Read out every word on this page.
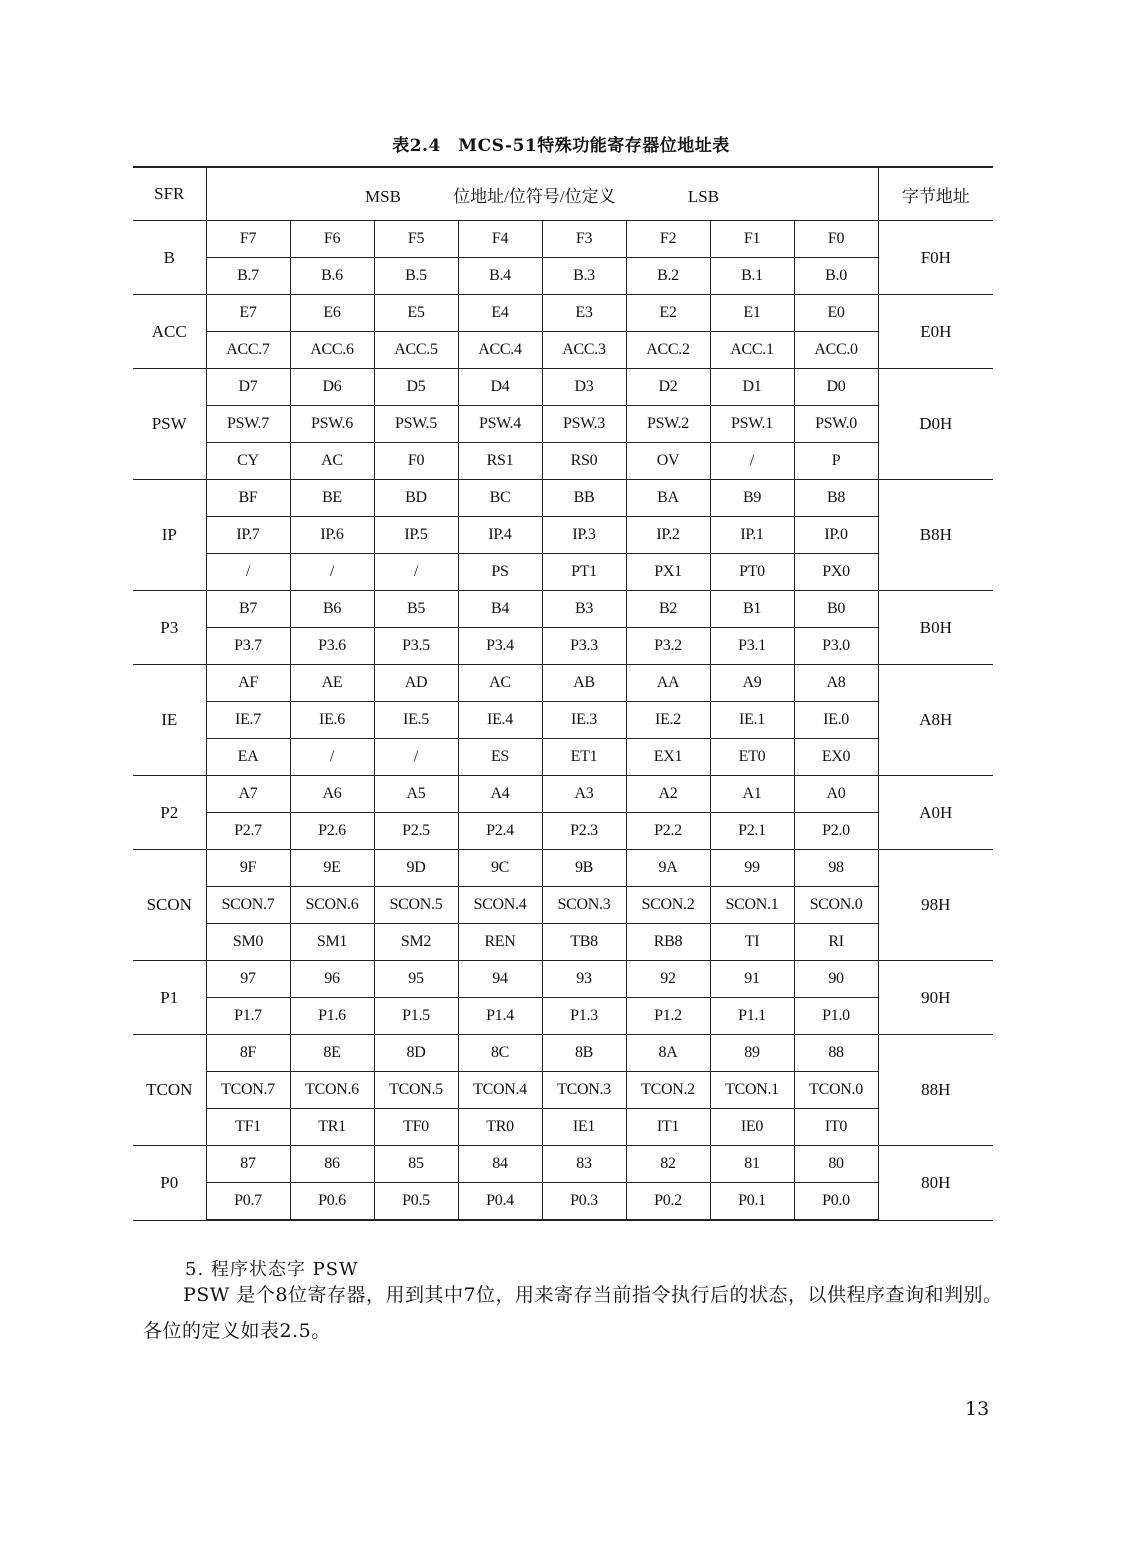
表2.4　MCS-51特殊功能寄存器位地址表
SFR	MSB 位地址/位符号/位定义 LSB								字节地址
B	F7	F6	F5	F4	F3	F2	F1	F0	F0H
	B.7	B.6	B.5	B.4	B.3	B.2	B.1	B.0	
ACC	E7	E6	E5	E4	E3	E2	E1	E0	E0H
	ACC.7	ACC.6	ACC.5	ACC.4	ACC.3	ACC.2	ACC.1	ACC.0	
PSW	D7	D6	D5	D4	D3	D2	D1	D0	D0H
	PSW.7	PSW.6	PSW.5	PSW.4	PSW.3	PSW.2	PSW.1	PSW.0	
	CY	AC	F0	RS1	RS0	OV	/	P	
IP	BF	BE	BD	BC	BB	BA	B9	B8	B8H
	IP.7	IP.6	IP.5	IP.4	IP.3	IP.2	IP.1	IP.0	
	/	/	/	PS	PT1	PX1	PT0	PX0	
P3	B7	B6	B5	B4	B3	B2	B1	B0	B0H
	P3.7	P3.6	P3.5	P3.4	P3.3	P3.2	P3.1	P3.0	
IE	AF	AE	AD	AC	AB	AA	A9	A8	A8H
	IE.7	IE.6	IE.5	IE.4	IE.3	IE.2	IE.1	IE.0	
	EA	/	/	ES	ET1	EX1	ET0	EX0	
P2	A7	A6	A5	A4	A3	A2	A1	A0	A0H
	P2.7	P2.6	P2.5	P2.4	P2.3	P2.2	P2.1	P2.0	
SCON	9F	9E	9D	9C	9B	9A	99	98	98H
	SCON.7	SCON.6	SCON.5	SCON.4	SCON.3	SCON.2	SCON.1	SCON.0	
	SM0	SM1	SM2	REN	TB8	RB8	TI	RI	
P1	97	96	95	94	93	92	91	90	90H
	P1.7	P1.6	P1.5	P1.4	P1.3	P1.2	P1.1	P1.0	
TCON	8F	8E	8D	8C	8B	8A	89	88	88H
	TCON.7	TCON.6	TCON.5	TCON.4	TCON.3	TCON.2	TCON.1	TCON.0	
	TF1	TR1	TF0	TR0	IE1	IT1	IE0	IT0	
P0	87	86	85	84	83	82	81	80	80H
	P0.7	P0.6	P0.5	P0.4	P0.3	P0.2	P0.1	P0.0	
5. 程序状态字 PSW

PSW 是个8位寄存器，用到其中7位，用来寄存当前指令执行后的状态，以供程序查询和判别。各位的定义如表2.5。

13
